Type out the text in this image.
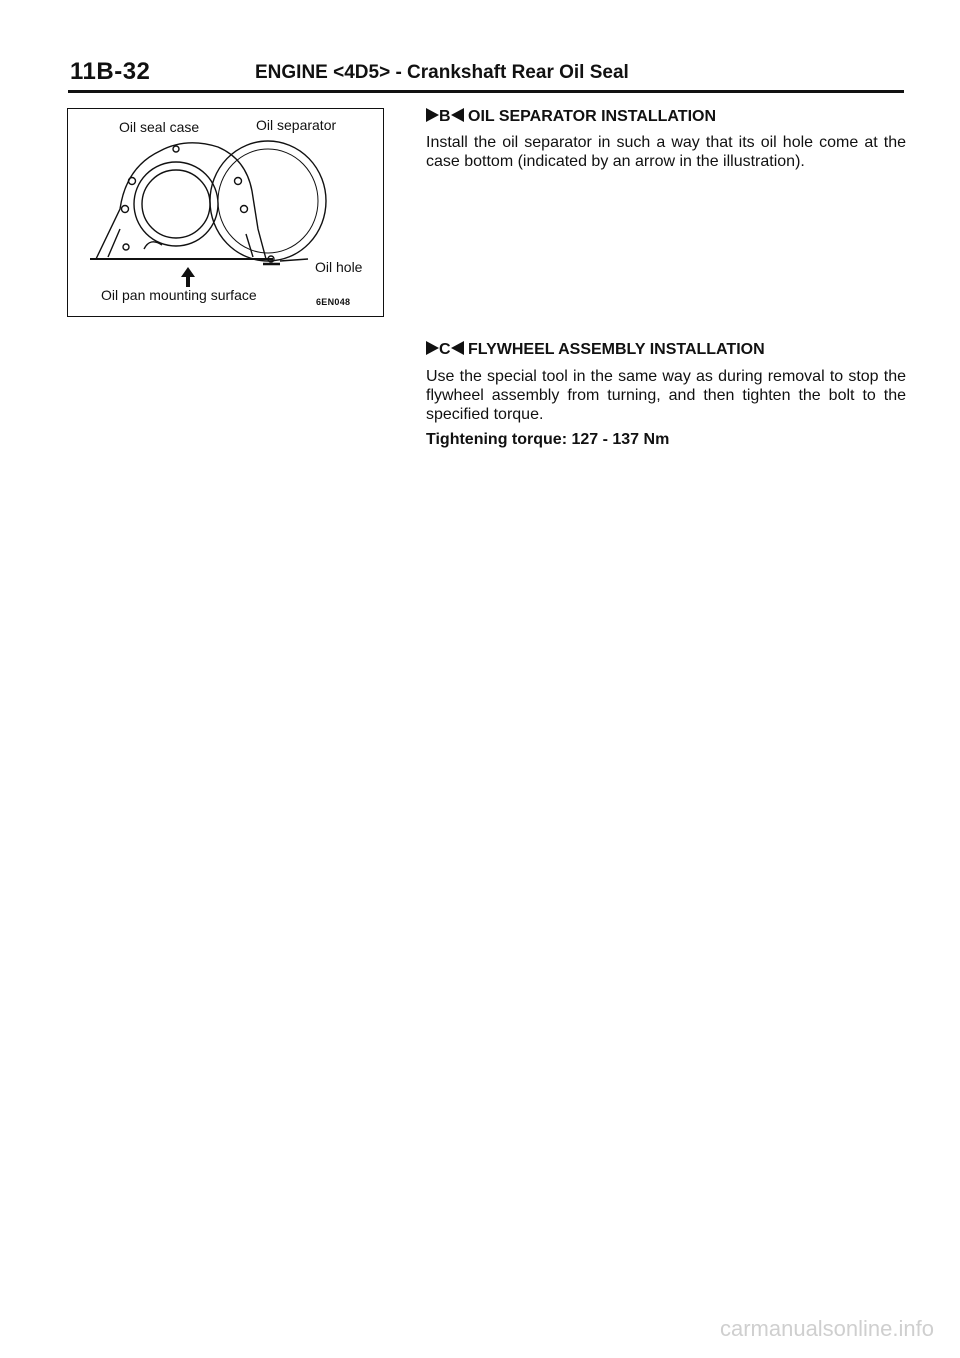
11B-32	ENGINE <4D5> - Crankshaft Rear Oil Seal
Oil seal case	Oil separator
Oil hole
Oil pan mounting surface	6EN048
B OIL SEPARATOR INSTALLATION

Install the oil separator in such a way that its oil hole come at the case bottom (indicated by an arrow in the illustration).

C FLYWHEEL ASSEMBLY INSTALLATION

Use the special tool in the same way as during removal to stop the flywheel assembly from turning, and then tighten the bolt to the specified torque.

Tightening torque: 127 - 137 Nm
carmanualsonline.info
